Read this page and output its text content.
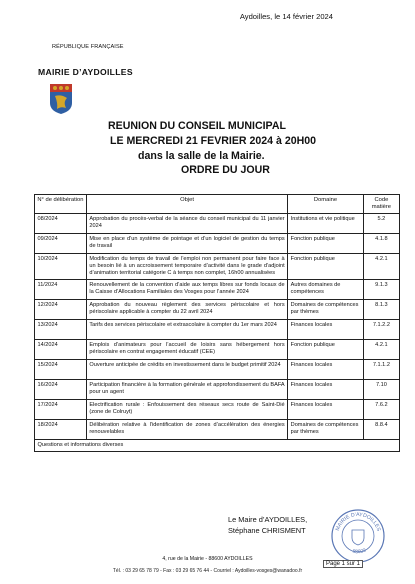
Aydoilles, le 14 février 2024
RÉPUBLIQUE FRANÇAISE
MAIRIE D’AYDOILLES
REUNION DU CONSEIL MUNICIPAL
LE MERCREDI 21 FEVRIER 2024 à 20H00
dans la salle de la Mairie.
ORDRE DU JOUR
N° de délibération	Objet	Domaine	Code matière
08/2024	Approbation du procès-verbal de la séance du conseil municipal du 11 janvier 2024	Institutions et vie politique	5.2
09/2024	Mise en place d’un système de pointage et d’un logiciel de gestion du temps de travail	Fonction publique	4.1.8
10/2024	Modification du temps de travail de l’emploi non permanent pour faire face à un besoin lié à un accroissement temporaire d’activité dans le grade d’adjoint d’animation territorial catégorie C à temps non complet, 16h00 annualisées	Fonction publique	4.2.1
11/2024	Renouvellement de la convention d’aide aux temps libres sur fonds locaux de la Caisse d’Allocations Familiales des Vosges pour l’année 2024	Autres domaines de compétences	9.1.3
12/2024	Approbation du nouveau règlement des services périscolaire et hors périscolaire applicable à compter du 22 avril 2024	Domaines de compétences par thèmes	8.1.3
13/2024	Tarifs des services périscolaire et extrascolaire à compter du 1er mars 2024	Finances locales	7.1.2.2
14/2024	Emplois d’animateurs pour l’accueil de loisirs sans hébergement hors périscolaire en contrat engagement éducatif (CEE)	Fonction publique	4.2.1
15/2024	Ouverture anticipée de crédits en investissement dans le budget primitif 2024	Finances locales	7.1.1.2
16/2024	Participation financière à la formation générale et approfondissement du BAFA pour un agent	Finances locales	7.10
17/2024	Electrification rurale : Enfouissement des réseaux secs route de Saint-Dié (zone de Colruyt)	Finances locales	7.6.2
18/2024	Délibération relative à l’identification de zones d’accélération des énergies renouvelables	Domaines de compétences par thèmes	8.8.4
Questions et informations diverses			
Le Maire d’AYDOILLES,
Stéphane CHRISMENT	MAIRIE D’AYDOILLES
88600
4, rue de la Mairie - 88600 AYDOILLES
Tél. : 03 29 65 78 79 - Fax : 03 29 65 76 44 - Courriel : Aydoilles-vosges@wanadoo.fr
Page 1 sur 1
